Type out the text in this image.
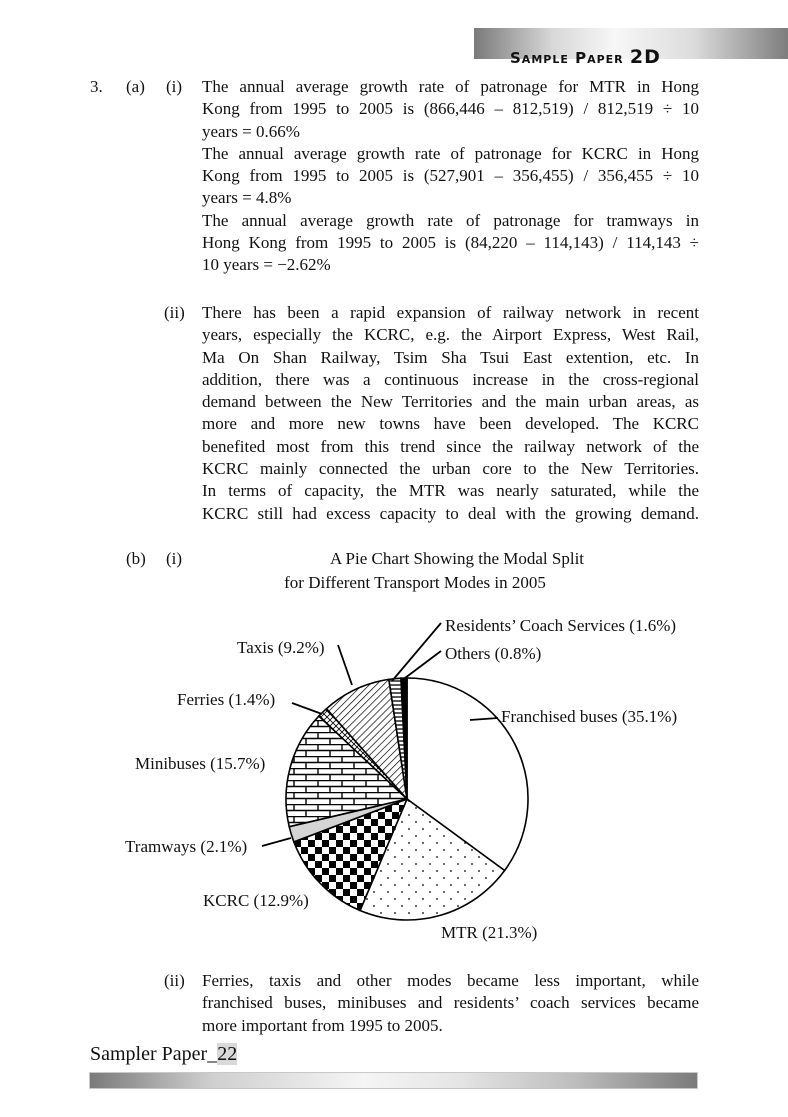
Sample Paper 2D
3. (a) (i) The annual average growth rate of patronage for MTR in Hong
Kong from 1995 to 2005 is (866,446 – 812,519) / 812,519 ÷ 10
years = 0.66%
The annual average growth rate of patronage for KCRC in Hong
Kong from 1995 to 2005 is (527,901 – 356,455) / 356,455 ÷ 10
years = 4.8%
The annual average growth rate of patronage for tramways in
Hong Kong from 1995 to 2005 is (84,220 – 114,143) / 114,143 ÷
10 years = −2.62%
(ii) There has been a rapid expansion of railway network in recent
years, especially the KCRC, e.g. the Airport Express, West Rail,
Ma On Shan Railway, Tsim Sha Tsui East extention, etc. In
addition, there was a continuous increase in the cross-regional
demand between the New Territories and the main urban areas, as
more and more new towns have been developed. The KCRC
benefited most from this trend since the railway network of the
KCRC mainly connected the urban core to the New Territories.
In terms of capacity, the MTR was nearly saturated, while the
KCRC still had excess capacity to deal with the growing demand.
(b) (i)	A Pie Chart Showing the Modal Split
for Different Transport Modes in 2005
Franchised buses (35.1%)
MTR (21.3%)
KCRC (12.9%)
Tramways (2.1%)
Minibuses (15.7%)
Ferries (1.4%)
Taxis (9.2%)
Residents’ Coach Services (1.6%)
Others (0.8%)
(ii) Ferries, taxis and other modes became less important, while
franchised buses, minibuses and residents’ coach services became
more important from 1995 to 2005.
Sampler Paper_22
